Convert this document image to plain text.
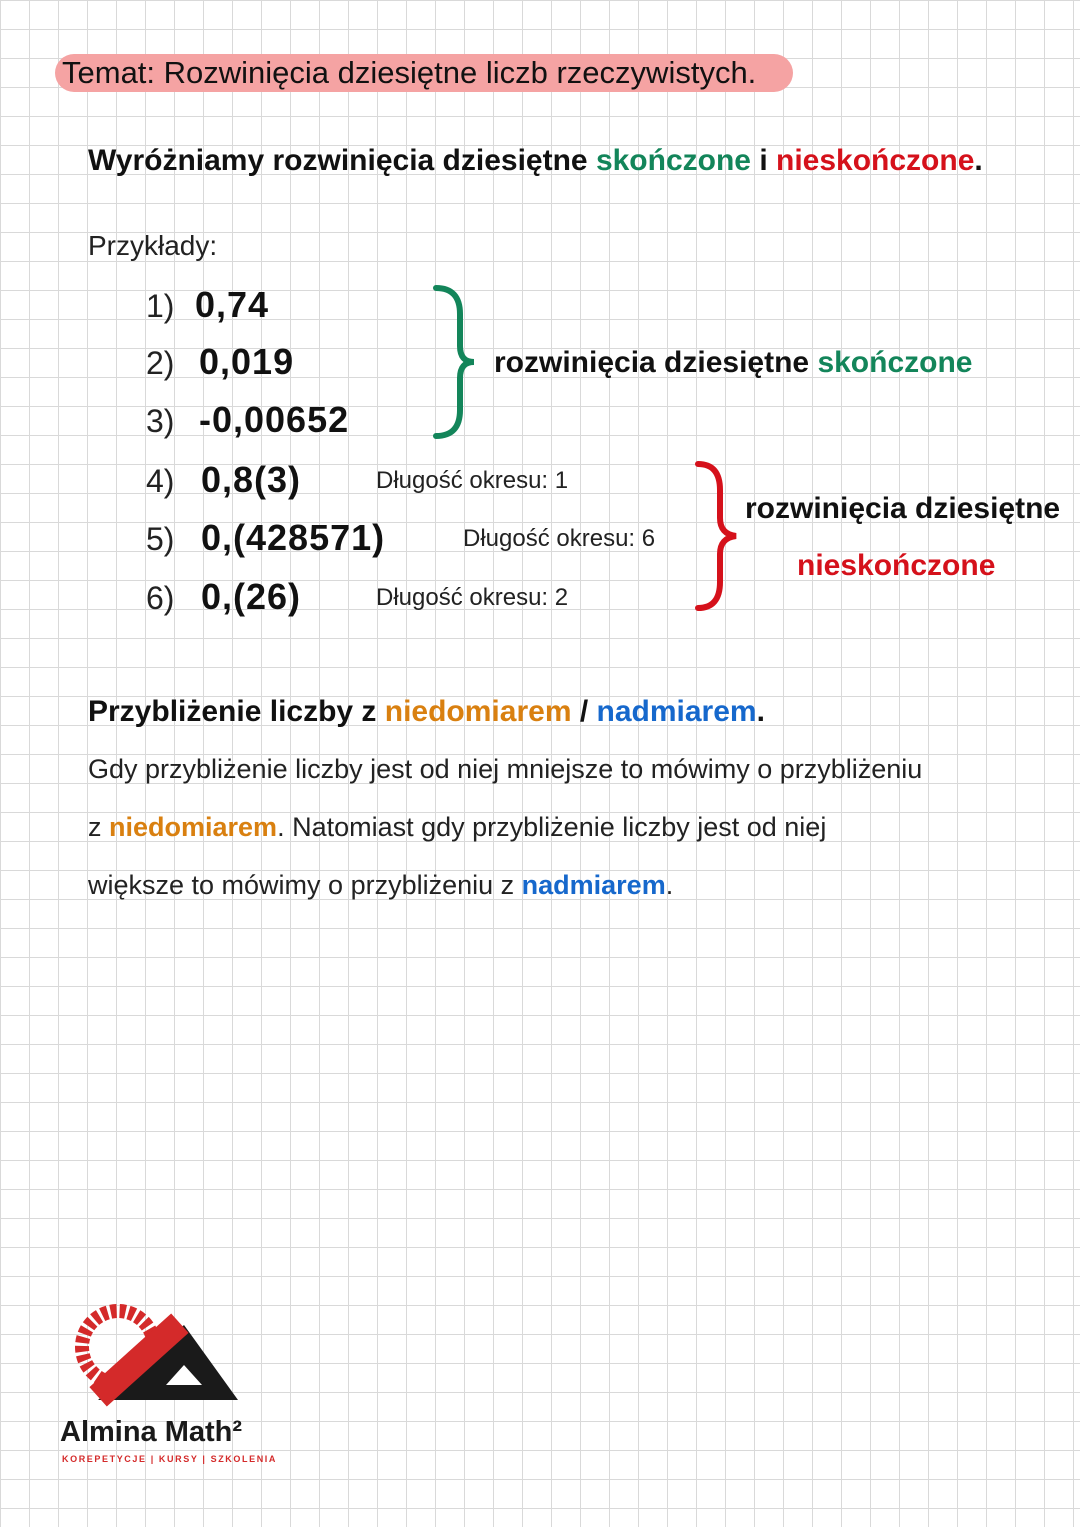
Temat: Rozwinięcia dziesiętne liczb rzeczywistych.
Wyróżniamy rozwinięcia dziesiętne skończone i nieskończone.
Przykłady:
1) 0,74
2) 0,019
3) -0,00652
4) 0,8(3)	Długość okresu: 1
5) 0,(428571)	Długość okresu: 6
6) 0,(26)	Długość okresu: 2
rozwinięcia dziesiętne skończone
rozwinięcia dziesiętne
nieskończone
Przybliżenie liczby z niedomiarem / nadmiarem.
Gdy przybliżenie liczby jest od niej mniejsze to mówimy o przybliżeniu
z niedomiarem. Natomiast gdy przybliżenie liczby jest od niej
większe to mówimy o przybliżeniu z nadmiarem.
Almina Math²
KOREPETYCJE | KURSY | SZKOLENIA
